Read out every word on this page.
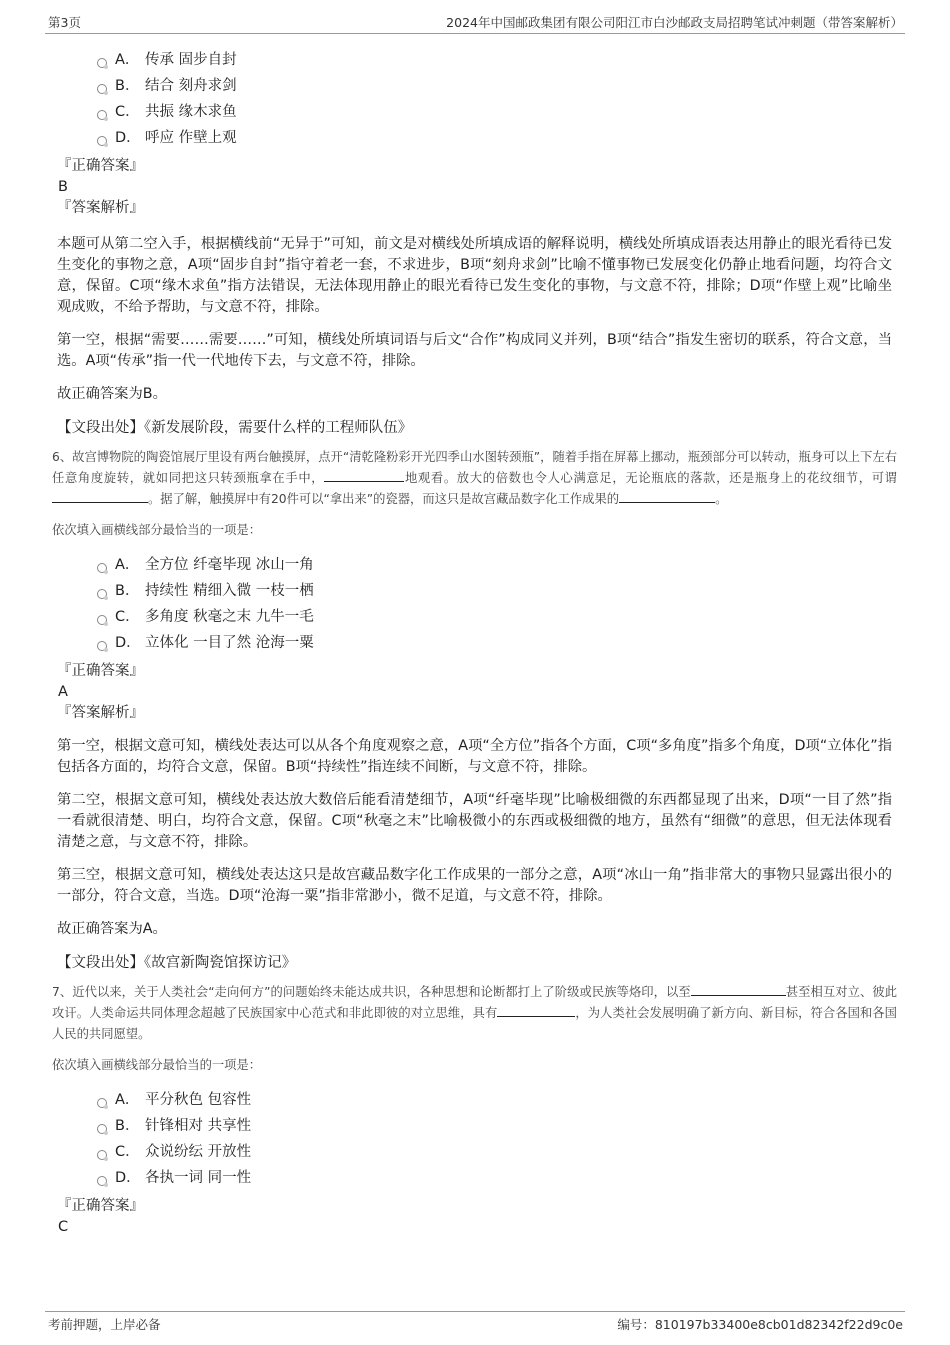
第3页	2024年中国邮政集团有限公司阳江市白沙邮政支局招聘笔试冲刺题（带答案解析）
A． 传承 固步自封
B． 结合 刻舟求剑
C． 共振 缘木求鱼
D． 呼应 作壁上观

『正确答案』

B

『答案解析』

本题可从第二空入手，根据横线前“无异于”可知，前文是对横线处所填成语的解释说明，横线处所填成语表达用静止的眼光看待已发生变化的事物之意，A项“固步自封”指守着老一套，不求进步，B项“刻舟求剑”比喻不懂事物已发展变化仍静止地看问题，均符合文意，保留。C项“缘木求鱼”指方法错误，无法体现用静止的眼光看待已发生变化的事物，与文意不符，排除；D项“作壁上观”比喻坐观成败，不给予帮助，与文意不符，排除。

第一空，根据“需要……需要……”可知，横线处所填词语与后文“合作”构成同义并列，B项“结合”指发生密切的联系，符合文意，当选。A项“传承”指一代一代地传下去，与文意不符，排除。

故正确答案为B。

【文段出处】《新发展阶段，需要什么样的工程师队伍》

6、故宫博物院的陶瓷馆展厅里设有两台触摸屏，点开“清乾隆粉彩开光四季山水图转颈瓶”，随着手指在屏幕上挪动，瓶颈部分可以转动，瓶身可以上下左右任意角度旋转，就如同把这只转颈瓶拿在手中，	地观看。放大的倍数也令人心满意足，无论瓶底的落款，还是瓶身上的花纹细节，可谓。据了解，触摸屏中有20件可以“拿出来”的瓷器，而这只是故宫藏品数字化工作成果的	。

依次填入画横线部分最恰当的一项是：

A． 全方位 纤毫毕现 冰山一角
B． 持续性 精细入微 一枝一栖
C． 多角度 秋毫之末 九牛一毛
D． 立体化 一目了然 沧海一粟

『正确答案』

A

『答案解析』

第一空，根据文意可知，横线处表达可以从各个角度观察之意，A项“全方位”指各个方面，C项“多角度”指多个角度，D项“立体化”指包括各方面的，均符合文意，保留。B项“持续性”指连续不间断，与文意不符，排除。

第二空，根据文意可知，横线处表达放大数倍后能看清楚细节，A项“纤毫毕现”比喻极细微的东西都显现了出来，D项“一目了然”指一看就很清楚、明白，均符合文意，保留。C项“秋毫之末”比喻极微小的东西或极细微的地方，虽然有“细微”的意思，但无法体现看清楚之意，与文意不符，排除。

第三空，根据文意可知，横线处表达这只是故宫藏品数字化工作成果的一部分之意，A项“冰山一角”指非常大的事物只显露出很小的一部分，符合文意，当选。D项“沧海一粟”指非常渺小，微不足道，与文意不符，排除。

故正确答案为A。

【文段出处】《故宫新陶瓷馆探访记》

7、近代以来，关于人类社会“走向何方”的问题始终未能达成共识，各种思想和论断都打上了阶级或民族等烙印，以至	甚至相互对立、彼此攻讦。人类命运共同体理念超越了民族国家中心范式和非此即彼的对立思维，具有	，为人类社会发展明确了新方向、新目标，符合各国和各国人民的共同愿望。

依次填入画横线部分最恰当的一项是：

A． 平分秋色 包容性
B． 针锋相对 共享性
C． 众说纷纭 开放性
D． 各执一词 同一性

『正确答案』

C

考前押题，上岸必备	编号：810197b33400e8cb01d82342f22d9c0e
